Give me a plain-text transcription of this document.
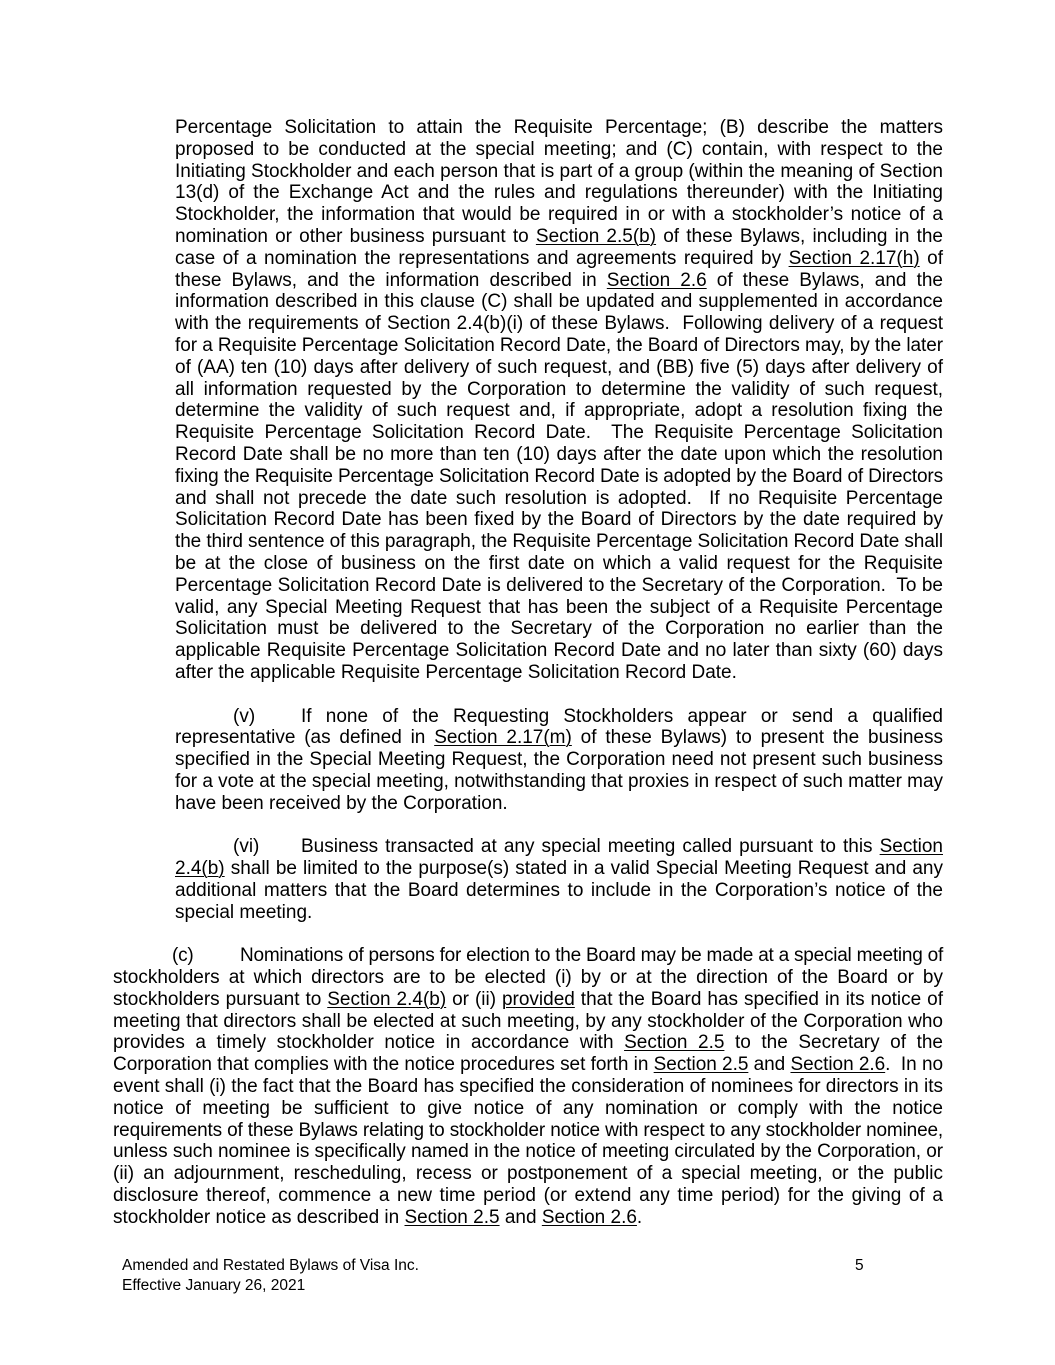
Percentage Solicitation to attain the Requisite Percentage; (B) describe the matters
proposed to be conducted at the special meeting; and (C) contain, with respect to the
Initiating Stockholder and each person that is part of a group (within the meaning of Section
13(d) of the Exchange Act and the rules and regulations thereunder) with the Initiating
Stockholder, the information that would be required in or with a stockholder’s notice of a
nomination or other business pursuant to Section 2.5(b) of these Bylaws, including in the
case of a nomination the representations and agreements required by Section 2.17(h) of
these Bylaws, and the information described in Section 2.6 of these Bylaws, and the
information described in this clause (C) shall be updated and supplemented in accordance
with the requirements of Section 2.4(b)(i) of these Bylaws.  Following delivery of a request
for a Requisite Percentage Solicitation Record Date, the Board of Directors may, by the later
of (AA) ten (10) days after delivery of such request, and (BB) five (5) days after delivery of
all information requested by the Corporation to determine the validity of such request,
determine the validity of such request and, if appropriate, adopt a resolution fixing the
Requisite Percentage Solicitation Record Date.  The Requisite Percentage Solicitation
Record Date shall be no more than ten (10) days after the date upon which the resolution
fixing the Requisite Percentage Solicitation Record Date is adopted by the Board of Directors
and shall not precede the date such resolution is adopted.  If no Requisite Percentage
Solicitation Record Date has been fixed by the Board of Directors by the date required by
the third sentence of this paragraph, the Requisite Percentage Solicitation Record Date shall
be at the close of business on the first date on which a valid request for the Requisite
Percentage Solicitation Record Date is delivered to the Secretary of the Corporation.  To be
valid, any Special Meeting Request that has been the subject of a Requisite Percentage
Solicitation must be delivered to the Secretary of the Corporation no earlier than the
applicable Requisite Percentage Solicitation Record Date and no later than sixty (60) days
after the applicable Requisite Percentage Solicitation Record Date.
(v) If none of the Requesting Stockholders appear or send a qualified
representative (as defined in Section 2.17(m) of these Bylaws) to present the business
specified in the Special Meeting Request, the Corporation need not present such business
for a vote at the special meeting, notwithstanding that proxies in respect of such matter may
have been received by the Corporation.
(vi) Business transacted at any special meeting called pursuant to this Section
2.4(b) shall be limited to the purpose(s) stated in a valid Special Meeting Request and any
additional matters that the Board determines to include in the Corporation’s notice of the
special meeting.
(c) Nominations of persons for election to the Board may be made at a special meeting of
stockholders at which directors are to be elected (i) by or at the direction of the Board or by
stockholders pursuant to Section 2.4(b) or (ii) provided that the Board has specified in its notice of
meeting that directors shall be elected at such meeting, by any stockholder of the Corporation who
provides a timely stockholder notice in accordance with Section 2.5 to the Secretary of the
Corporation that complies with the notice procedures set forth in Section 2.5 and Section 2.6.  In no
event shall (i) the fact that the Board has specified the consideration of nominees for directors in its
notice of meeting be sufficient to give notice of any nomination or comply with the notice
requirements of these Bylaws relating to stockholder notice with respect to any stockholder nominee,
unless such nominee is specifically named in the notice of meeting circulated by the Corporation, or
(ii) an adjournment, rescheduling, recess or postponement of a special meeting, or the public
disclosure thereof, commence a new time period (or extend any time period) for the giving of a
stockholder notice as described in Section 2.5 and Section 2.6.
Amended and Restated Bylaws of Visa Inc.
Effective January 26, 2021
5
